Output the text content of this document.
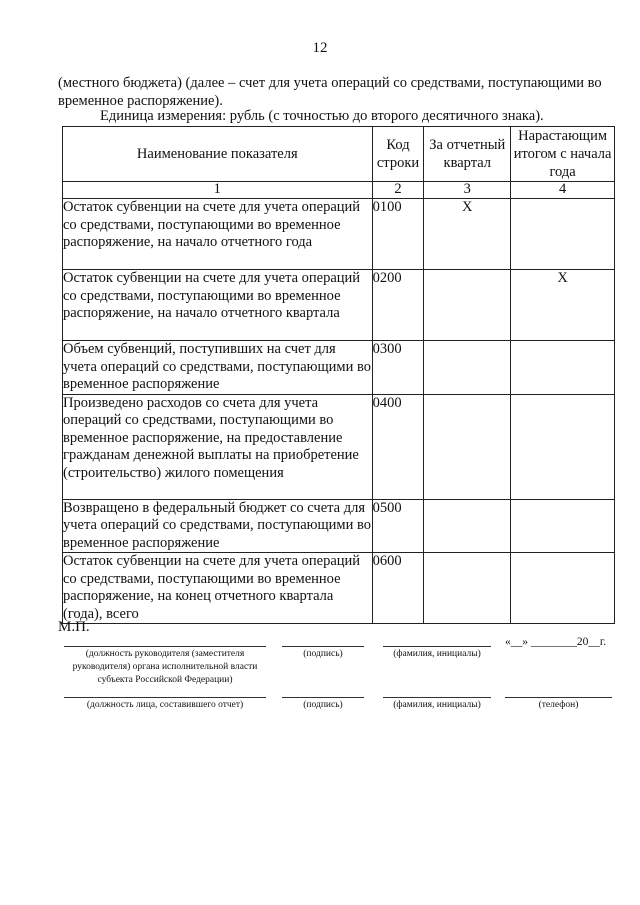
12
(местного бюджета) (далее – счет для учета операций со средствами, поступающими во временное распоряжение).
Единица измерения: рубль (с точностью до второго десятичного знака).
Наименование показателя	Код строки	За отчетный квартал	Нарастающим итогом с начала года
1	2	3	4
Остаток субвенции на счете для учета операций со средствами, поступающими во временное распоряжение, на начало отчетного года	0100	X	
Остаток субвенции на счете для учета операций со средствами, поступающими во временное распоряжение, на начало отчетного квартала	0200		X
Объем субвенций, поступивших на счет для учета операций со средствами, поступающими во временное распоряжение	0300		
Произведено расходов со счета для учета операций со средствами, поступающими во временное распоряжение, на предоставление гражданам денежной выплаты на приобретение (строительство) жилого помещения	0400		
Возвращено в федеральный бюджет со счета для учета операций со средствами, поступающими во временное распоряжение	0500		
Остаток субвенции на счете для учета операций со средствами, поступающими во временное распоряжение, на конец отчетного квартала (года), всего	0600		
М.П.
(должность руководителя (заместителя руководителя) органа исполнительной власти субъекта Российской Федерации)
(подпись)	(фамилия, инициалы)
«__» ________20__г.
(должность лица, составившего отчет)	(подпись)	(фамилия, инициалы)	(телефон)
